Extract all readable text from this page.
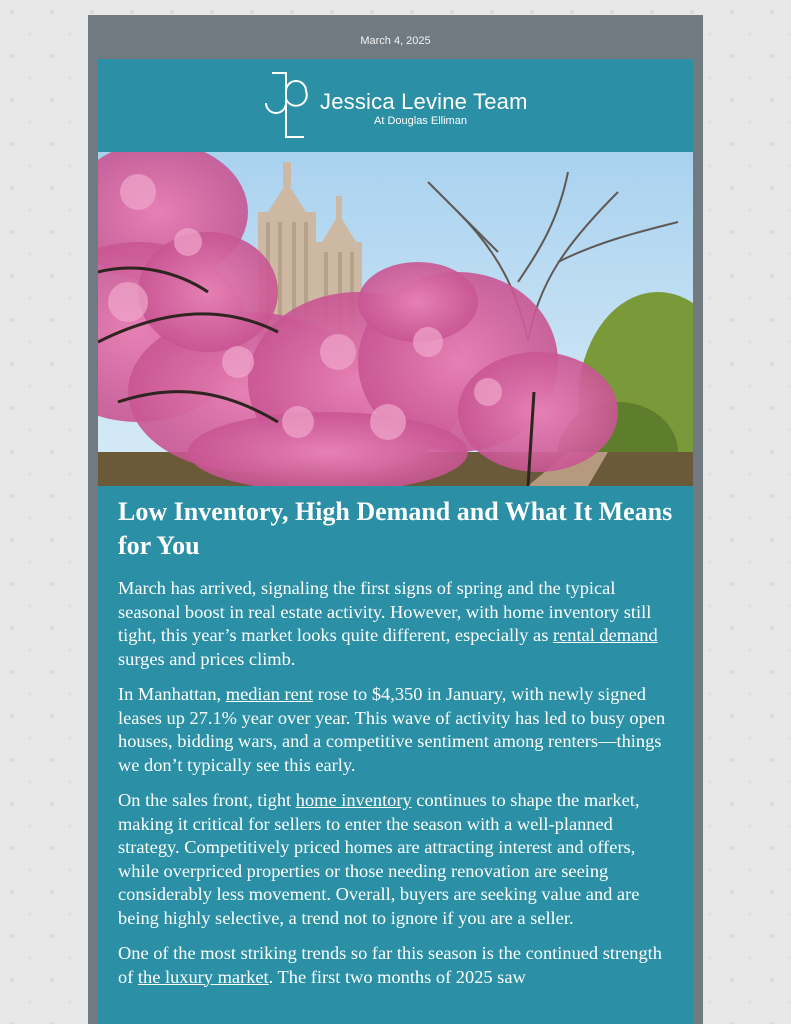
March 4, 2025
Jessica Levine Team
At Douglas Elliman
Low Inventory, High Demand and What It Means for You

March has arrived, signaling the first signs of spring and the typical seasonal boost in real estate activity. However, with home inventory still tight, this year’s market looks quite different, especially as rental demand surges and prices climb.

In Manhattan, median rent rose to $4,350 in January, with newly signed leases up 27.1% year over year. This wave of activity has led to busy open houses, bidding wars, and a competitive sentiment among renters—things we don’t typically see this early.

On the sales front, tight home inventory continues to shape the market, making it critical for sellers to enter the season with a well-planned strategy. Competitively priced homes are attracting interest and offers, while overpriced properties or those needing renovation are seeing considerably less movement. Overall, buyers are seeking value and are being highly selective, a trend not to ignore if you are a seller.

One of the most striking trends so far this season is the continued strength of the luxury market. The first two months of 2025 saw
